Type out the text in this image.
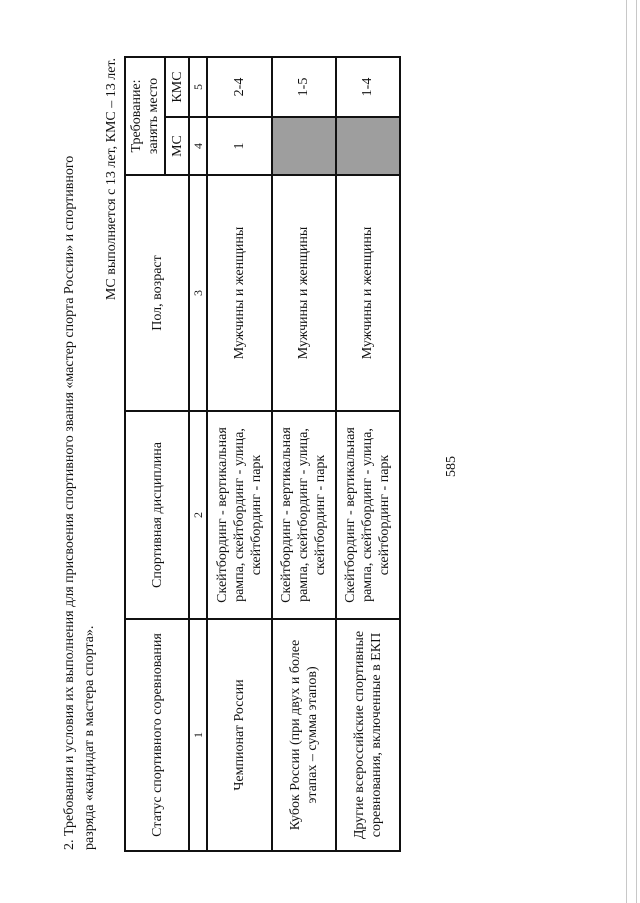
2. Требования и условия их выполнения для присвоения спортивного звания «мастер спорта России» и спортивного разряда «кандидат в мастера спорта».
МС выполняется с 13 лет, КМС – 13 лет.
Статус спортивного соревнования	Спортивная дисциплина	Пол, возраст	Требование: занять место	
			МС	КМС
1	2	3	4	5
Чемпионат России	Скейтбординг - вертикальная рампа, скейтбординг - улица, скейтбординг - парк	Мужчины и женщины	1	2-4
Кубок России (при двух и более этапах – сумма этапов)	Скейтбординг - вертикальная рампа, скейтбординг - улица, скейтбординг - парк	Мужчины и женщины		1-5
Другие всероссийские спортивные соревнования, включенные в ЕКП	Скейтбординг - вертикальная рампа, скейтбординг - улица, скейтбординг - парк	Мужчины и женщины		1-4
585
